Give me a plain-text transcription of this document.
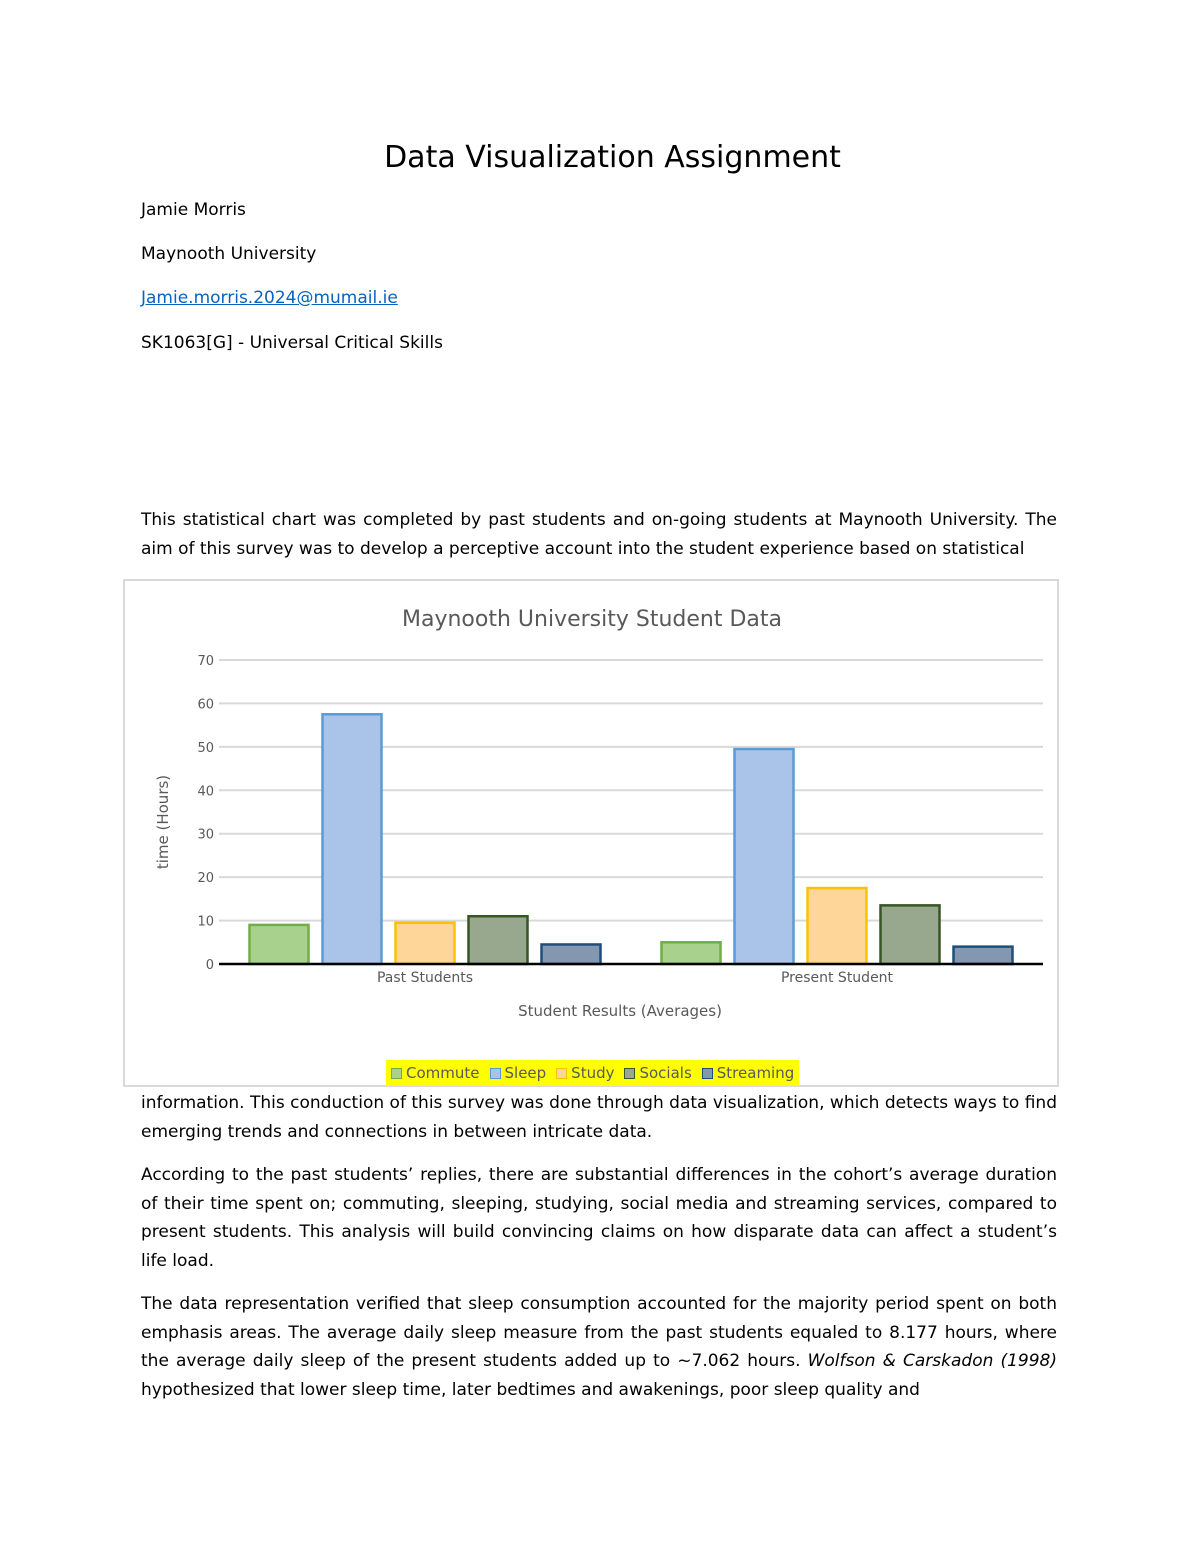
Data Visualization Assignment

Jamie Morris

Maynooth University

Jamie.morris.2024@mumail.ie

SK1063[G] - Universal Critical Skills

This statistical chart was completed by past students and on-going students at Maynooth University. The aim of this survey was to develop a perceptive account into the student experience based on statistical

Maynooth University Student Data
0
10
20
30
40
50
60
70
Past Students	Present Student
Student Results (Averages)
time (Hours)
Commute Sleep Study Socials Streaming

information. This conduction of this survey was done through data visualization, which detects ways to find emerging trends and connections in between intricate data.

According to the past students’ replies, there are substantial differences in the cohort’s average duration of their time spent on; commuting, sleeping, studying, social media and streaming services, compared to present students. This analysis will build convincing claims on how disparate data can affect a student’s life load.

The data representation verified that sleep consumption accounted for the majority period spent on both emphasis areas. The average daily sleep measure from the past students equaled to 8.177 hours, where the average daily sleep of the present students added up to ~7.062 hours. Wolfson & Carskadon (1998) hypothesized that lower sleep time, later bedtimes and awakenings, poor sleep quality and
